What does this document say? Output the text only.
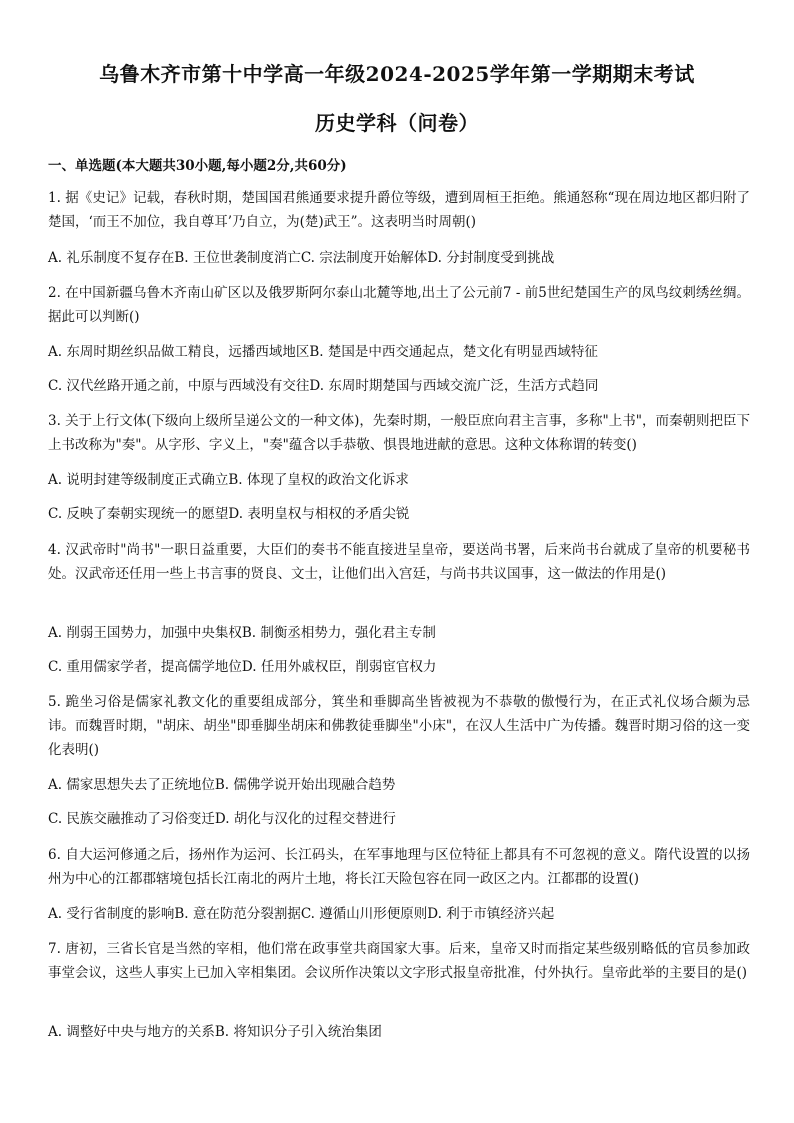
乌鲁木齐市第十中学高一年级2024-2025学年第一学期期末考试
历史学科（问卷）
一、单选题(本大题共30小题,每小题2分,共60分)
1. 据《史记》记载，春秋时期，楚国国君熊通要求提升爵位等级，遭到周桓王拒绝。熊通怒称“现在周边地区都归附了楚国，‘而王不加位，我自尊耳’乃自立，为(楚)武王”。这表明当时周朝()
A. 礼乐制度不复存在B. 王位世袭制度消亡C. 宗法制度开始解体D. 分封制度受到挑战
2. 在中国新疆乌鲁木齐南山矿区以及俄罗斯阿尔泰山北麓等地,出土了公元前7 - 前5世纪楚国生产的凤鸟纹刺绣丝绸。据此可以判断()
A. 东周时期丝织品做工精良，远播西域地区B. 楚国是中西交通起点，楚文化有明显西域特征
C. 汉代丝路开通之前，中原与西域没有交往D. 东周时期楚国与西域交流广泛，生活方式趋同
3. 关于上行文体(下级向上级所呈递公文的一种文体)，先秦时期，一般臣庶向君主言事，多称"上书"，而秦朝则把臣下上书改称为"奏"。从字形、字义上，"奏"蕴含以手恭敬、惧畏地进献的意思。这种文体称谓的转变()
A. 说明封建等级制度正式确立B. 体现了皇权的政治文化诉求
C. 反映了秦朝实现统一的愿望D. 表明皇权与相权的矛盾尖锐
4. 汉武帝时"尚书"一职日益重要，大臣们的奏书不能直接进呈皇帝，要送尚书署，后来尚书台就成了皇帝的机要秘书处。汉武帝还任用一些上书言事的贤良、文士，让他们出入宫廷，与尚书共议国事，这一做法的作用是()
A. 削弱王国势力，加强中央集权B. 制衡丞相势力，强化君主专制
C. 重用儒家学者，提高儒学地位D. 任用外戚权臣，削弱宦官权力
5. 跪坐习俗是儒家礼教文化的重要组成部分，箕坐和垂脚高坐皆被视为不恭敬的傲慢行为，在正式礼仪场合颇为忌讳。而魏晋时期，"胡床、胡坐"即垂脚坐胡床和佛教徒垂脚坐"小床"，在汉人生活中广为传播。魏晋时期习俗的这一变化表明()
A. 儒家思想失去了正统地位B. 儒佛学说开始出现融合趋势
C. 民族交融推动了习俗变迁D. 胡化与汉化的过程交替进行
6. 自大运河修通之后，扬州作为运河、长江码头，在军事地理与区位特征上都具有不可忽视的意义。隋代设置的以扬州为中心的江都郡辖境包括长江南北的两片土地，将长江天险包容在同一政区之内。江都郡的设置()
A. 受行省制度的影响B. 意在防范分裂割据C. 遵循山川形便原则D. 利于市镇经济兴起
7. 唐初，三省长官是当然的宰相，他们常在政事堂共商国家大事。后来，皇帝又时而指定某些级别略低的官员参加政事堂会议，这些人事实上已加入宰相集团。会议所作决策以文字形式报皇帝批准，付外执行。皇帝此举的主要目的是()
A. 调整好中央与地方的关系B. 将知识分子引入统治集团
